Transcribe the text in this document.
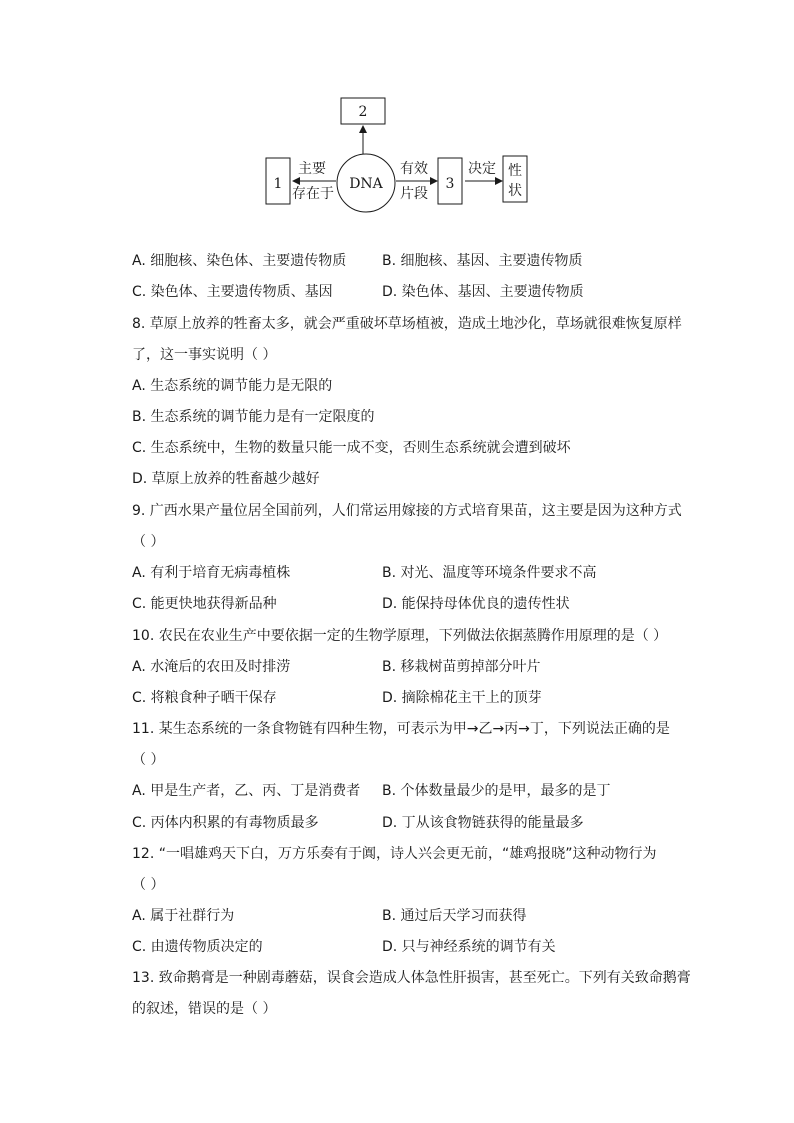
2
DNA
1
主要
存在于
有效
片段
3
决定 性
状
A. 细胞核、染色体、主要遗传物质	B. 细胞核、基因、主要遗传物质
C. 染色体、主要遗传物质、基因	D. 染色体、基因、主要遗传物质
8. 草原上放养的牲畜太多，就会严重破坏草场植被，造成土地沙化，草场就很难恢复原样
了，这一事实说明（ ）
A. 生态系统的调节能力是无限的
B. 生态系统的调节能力是有一定限度的
C. 生态系统中，生物的数量只能一成不变，否则生态系统就会遭到破坏
D. 草原上放养的牲畜越少越好
9. 广西水果产量位居全国前列，人们常运用嫁接的方式培育果苗，这主要是因为这种方式
（ ）
A. 有利于培育无病毒植株	B. 对光、温度等环境条件要求不高
C. 能更快地获得新品种	D. 能保持母体优良的遗传性状
10. 农民在农业生产中要依据一定的生物学原理，下列做法依据蒸腾作用原理的是（ ）
A. 水淹后的农田及时排涝	B. 移栽树苗剪掉部分叶片
C. 将粮食种子晒干保存	D. 摘除棉花主干上的顶芽
11. 某生态系统的一条食物链有四种生物，可表示为甲→乙→丙→丁，下列说法正确的是
（ ）
A. 甲是生产者，乙、丙、丁是消费者 B. 个体数量最少的是甲，最多的是丁
C. 丙体内积累的有毒物质最多	D. 丁从该食物链获得的能量最多
12. “一唱雄鸡天下白，万方乐奏有于阗，诗人兴会更无前，“雄鸡报晓”这种动物行为
（ ）
A. 属于社群行为	B. 通过后天学习而获得
C. 由遗传物质决定的	D. 只与神经系统的调节有关
13. 致命鹅膏是一种剧毒蘑菇，误食会造成人体急性肝损害，甚至死亡。下列有关致命鹅膏
的叙述，错误的是（ ）
